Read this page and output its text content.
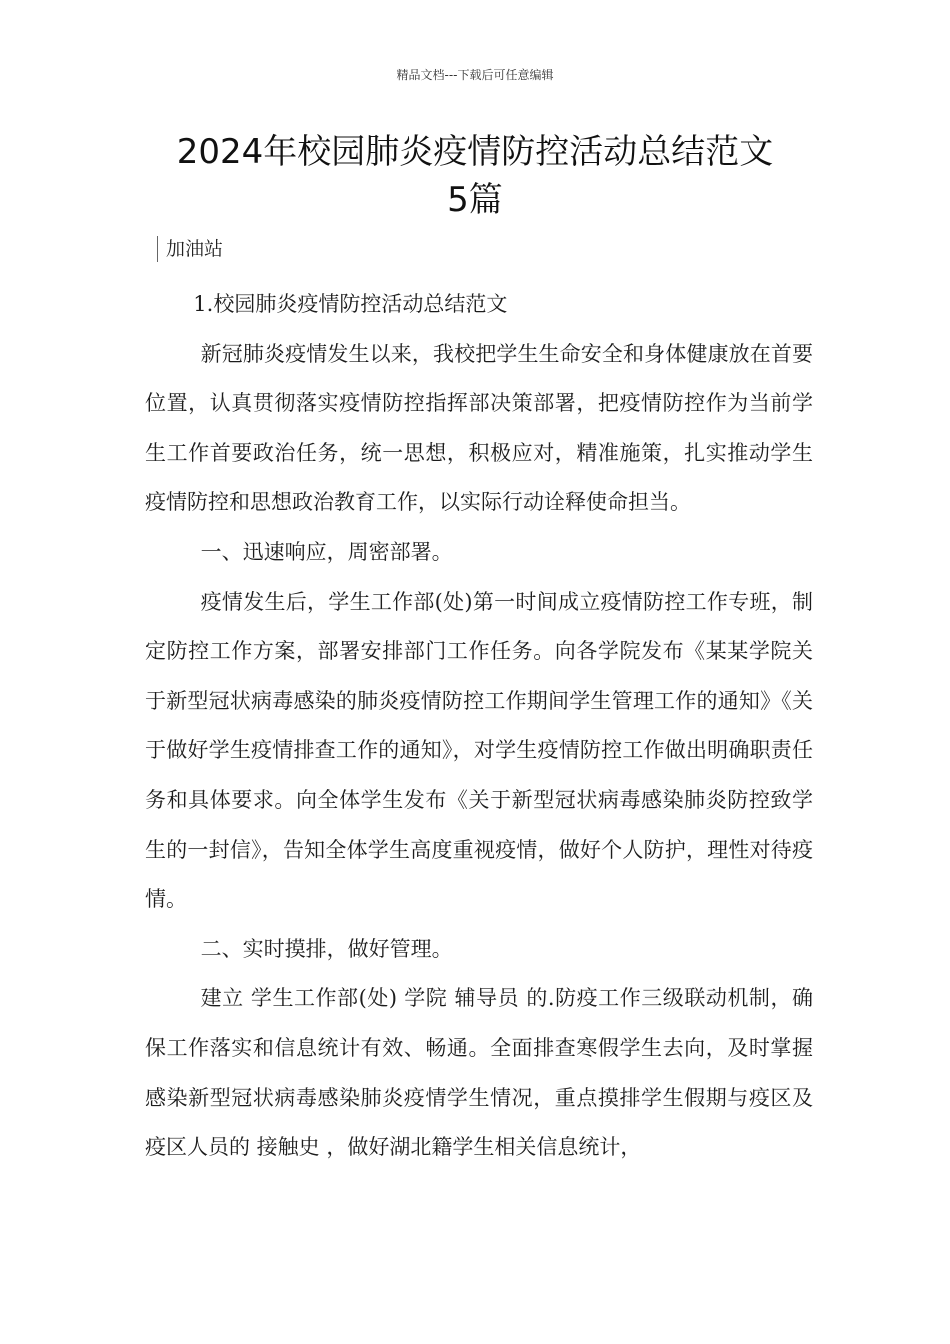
精品文档---下载后可任意编辑
2024年校园肺炎疫情防控活动总结范文
5篇
加油站

1.校园肺炎疫情防控活动总结范文

新冠肺炎疫情发生以来，我校把学生生命安全和身体健康放在首要位置，认真贯彻落实疫情防控指挥部决策部署，把疫情防控作为当前学生工作首要政治任务，统一思想，积极应对，精准施策，扎实推动学生疫情防控和思想政治教育工作，以实际行动诠释使命担当。

一、迅速响应，周密部署。

疫情发生后，学生工作部(处)第一时间成立疫情防控工作专班，制定防控工作方案，部署安排部门工作任务。向各学院发布《某某学院关于新型冠状病毒感染的肺炎疫情防控工作期间学生管理工作的通知》《关于做好学生疫情排查工作的通知》，对学生疫情防控工作做出明确职责任务和具体要求。向全体学生发布《关于新型冠状病毒感染肺炎防控致学生的一封信》，告知全体学生高度重视疫情，做好个人防护，理性对待疫情。

二、实时摸排，做好管理。

建立 学生工作部(处) 学院 辅导员 的.防疫工作三级联动机制，确保工作落实和信息统计有效、畅通。全面排查寒假学生去向，及时掌握感染新型冠状病毒感染肺炎疫情学生情况，重点摸排学生假期与疫区及疫区人员的 接触史 ，做好湖北籍学生相关信息统计，
